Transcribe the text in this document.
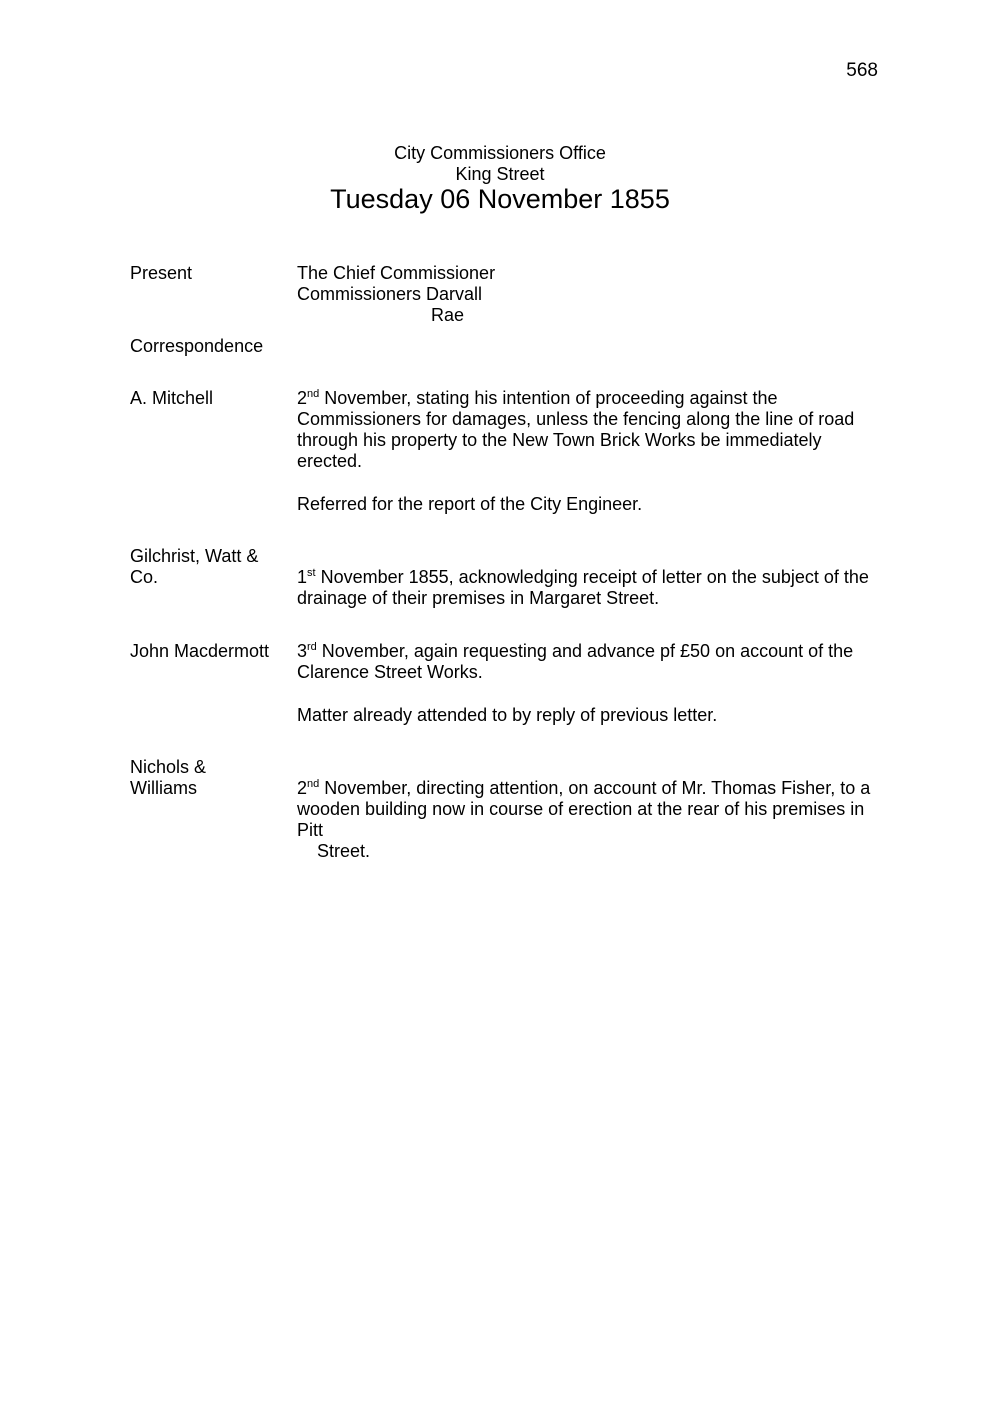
568
City Commissioners Office
King Street
Tuesday 06 November 1855
Present	The Chief Commissioner
Commissioners Darvall
Rae
Correspondence
A. Mitchell	2nd November, stating his intention of proceeding against the
Commissioners for damages, unless the fencing along the line of road
through his property to the New Town Brick Works be immediately
erected.
Referred for the report of the City Engineer.
Gilchrist, Watt &
Co.	1st November 1855, acknowledging receipt of letter on the subject of the
drainage of their premises in Margaret Street.
John Macdermott	3rd November, again requesting and advance pf £50 on account of the
Clarence Street Works.
Matter already attended to by reply of previous letter.
Nichols &
Williams	2nd November, directing attention, on account of Mr. Thomas Fisher, to a
wooden building now in course of erection at the rear of his premises in
Pitt
Street.
